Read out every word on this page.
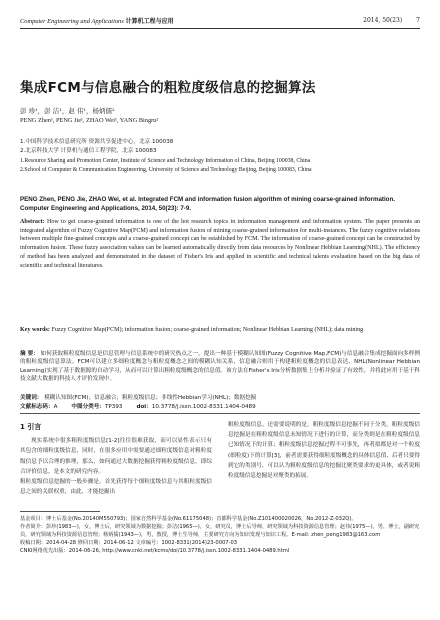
Computer Engineering and Applications 计算机工程与应用	2014, 50(23) 7
集成FCM与信息融合的粗粒度级信息的挖掘算法
彭 珍¹，彭 洁¹，赵 伟¹，杨炳儒²
PENG Zhen¹, PENG Jie¹, ZHAO Wei¹, YANG Bingru²
1.中国科学技术信息研究所 资源共享促进中心，北京 100038
2.北京科技大学 计算机与通信工程学院，北京 100083
1.Resource Sharing and Promotion Center, Institute of Science and Technology Information of China, Beijing 100038, China
2.School of Computer & Communication Engineering, University of Science and Technology Beijing, Beijing 100083, China
PENG Zhen, PENG Jie, ZHAO Wei, et al. Integrated FCM and information fusion algorithm of mining coarse-grained information. Computer Engineering and Applications, 2014, 50(23): 7-9.
Abstract: How to get coarse-grained information is one of the hot research topics in information management and information system. The paper presents an integrated algorithm of Fuzzy Cognitive Map(FCM) and information fusion of mining coarse-grained information for multi-instances. The fuzzy cognitive relations between multiple fine-grained concepts and a coarse-grained concept can be established by FCM. The information of coarse-grained concept can be constructed by information fusion. These fuzzy association values can be learned automatically directly from data resources by Nonlinear Hebbian Learning(NHL). The efficiency of method has been analyzed and demonstrated in the dataset of Fisher's Iris and applied in scientific and technical talents evaluation based on the big data of scientific and technical literatures.
Key words: Fuzzy Cognitive Map(FCM); information fusion; coarse-grained information; Nonlinear Hebbian Learning (NHL); data mining
摘 要： 如何获取粗粒度级信息是信息管理与信息系统中的研究热点之一。提出一种基于模糊认知图(Fuzzy Cognitive Map,FCM)与信息融合集成挖掘面向多样例的粗粒度级信息算法。FCM可以建立多细粒度概念与粗粒度概念之间的模糊认知关系，信息融合则用于构建粗粒度概念的信息表达，NHL(Nonlinear Hebbian Learning)实现了基于数据源的自动学习，从而可以计算出粗粒度级概念的信息值。该方法在Fisher's Iris分析数据集上分析并验证了有效性，并将此应用于基于科技文献大数据的科技人才评价发现中。
关键词： 模糊认知图(FCM)；信息融合；粗粒度级信息；非线性Hebbian学习(NHL)；数据挖掘
文献标志码：A	中图分类号：TP393	doi：10.3778/j.issn.1002-8331.1404-0489
1 引言
现实系统中很多粗粒度级信息[1-2]往往很难获取，而可以显性表示只有其包含的细粒度级信息，同时，在很多应用中需要通过细粒度级信息对粗粒度级信息予以合理的推理，那么，如何通过大数据挖掘获得粗粒度级信息，即综合评价信息，是本文的研究内容。
粗粒度级信息挖掘的一般步骤是，首先获得每个细粒度级信息与其粗粒度级信息之间的关联权重，由此，才能挖掘出
粗粒度级信息。还需要说明的是，粗粒度级信息挖掘不同于分类，粗粒度级信息挖掘是在粗粒度级信息未知情况下进行的计算，而分类则是在粗粒度级信息已知情况下的计算；粗粒度级信息挖掘过程不可事先，再者拟都是对一个粒度(细粒度)下的计算[3]，前者需要获得细粒度级概念的具体信息值，后者只要得到它的类别号，可以认为粗粒度级信息的挖掘比聚类要求的更具体，或者说粗粒度级信息挖掘是对聚类的拓展。
基金项目：博士后基金(No.20140M550793)；国家自然科学基金(No.61175048)；首都科学基金(No.Z101400020026，No.2012-Z-032Q)。
作者简介：彭珍(1983—)，女，博士后，研究领域为数据挖掘；彭洁(1965—)，女，研究员，博士后导师，研究领域为科技资源信息管理；赵伟(1975—)，男，博士，副研究员，研究领域为科技资源信息管理；杨炳儒(1943—)，男，教授，博士生导师，主要研究方向为知识发现与知识工程。E-mail: zhen_peng1983@163.com
收稿日期：2014-04-28 修回日期：2014-06-12 文章编号：1002-8331(2014)23-0007-03
CNKI网络优先出版：2014-06-26, http://www.cnki.net/kcms/doi/10.3778/j.issn.1002-8331.1404-0489.html
